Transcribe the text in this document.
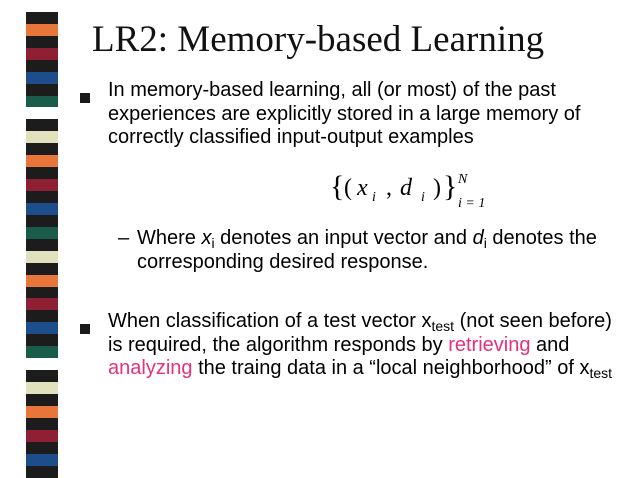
LR2: Memory-based Learning
In memory-based learning, all (or most) of the past experiences are explicitly stored in a large memory of correctly classified input-output examples
{ ( x i , d i ) } N
i = 1
– Where $x_i$ denotes an input vector and $d_i$ denotes the corresponding desired response.
When classification of a test vector $x_{test}$ (not seen before) is required, the algorithm responds by retrieving and analyzing the traing data in a “local neighborhood” of $x_{test}$
